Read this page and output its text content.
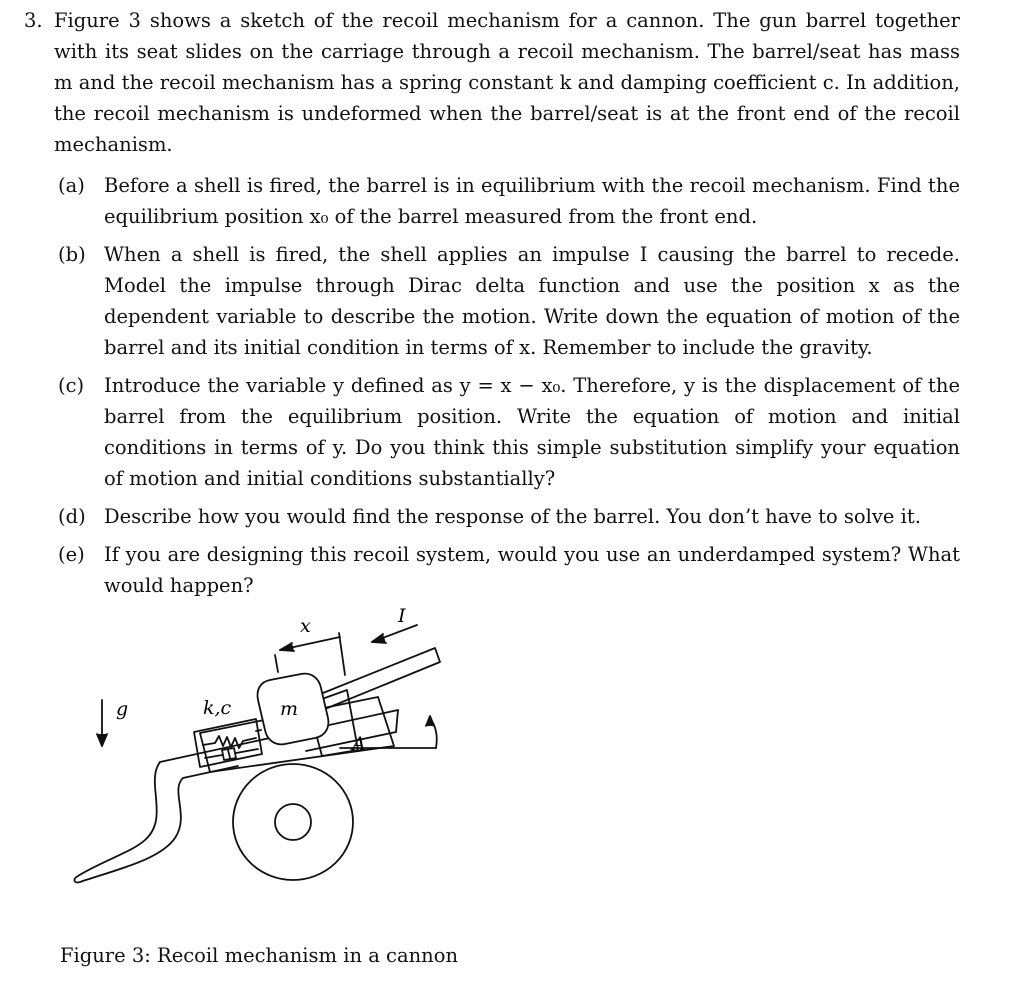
3. Figure 3 shows a sketch of the recoil mechanism for a cannon. The gun barrel together with its seat slides on the carriage through a recoil mechanism. The barrel/seat has mass m and the recoil mechanism has a spring constant k and damping coefficient c. In addition, the recoil mechanism is undeformed when the barrel/seat is at the front end of the recoil mechanism.
(a) Before a shell is fired, the barrel is in equilibrium with the recoil mechanism. Find the equilibrium position x₀ of the barrel measured from the front end.
(b) When a shell is fired, the shell applies an impulse I causing the barrel to recede. Model the impulse through Dirac delta function and use the position x as the dependent variable to describe the motion. Write down the equation of motion of the barrel and its initial condition in terms of x. Remember to include the gravity.
(c)	Introduce the variable y defined as y = x − x₀. Therefore, y is the displacement of the barrel from the equilibrium position. Write the equation of motion and initial conditions in terms of y. Do you think this simple substitution simplify your equation of motion and initial conditions substantially?
(d) Describe how you would find the response of the barrel. You don’t have to solve it.
(e) If you are designing this recoil system, would you use an underdamped system? What would happen?
x	I
g	k,c	m
A
Figure 3: Recoil mechanism in a cannon
